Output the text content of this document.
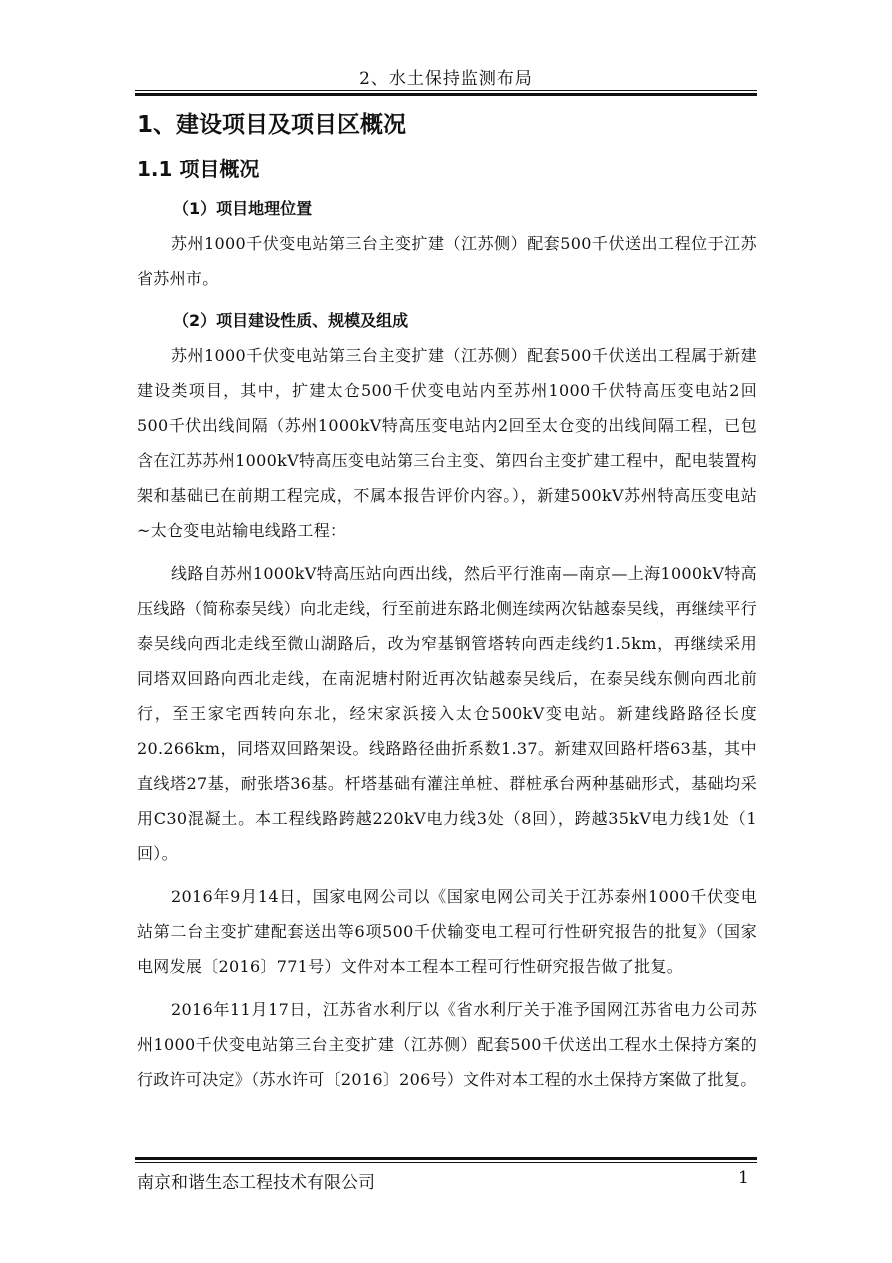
2、水土保持监测布局
1、建设项目及项目区概况
1.1 项目概况
（1）项目地理位置

苏州1000千伏变电站第三台主变扩建（江苏侧）配套500千伏送出工程位于江苏省苏州市。

（2）项目建设性质、规模及组成

苏州1000千伏变电站第三台主变扩建（江苏侧）配套500千伏送出工程属于新建建设类项目，其中，扩建太仓500千伏变电站内至苏州1000千伏特高压变电站2回500千伏出线间隔（苏州1000kV特高压变电站内2回至太仓变的出线间隔工程，已包含在江苏苏州1000kV特高压变电站第三台主变、第四台主变扩建工程中，配电装置构架和基础已在前期工程完成，不属本报告评价内容。），新建500kV苏州特高压变电站~太仓变电站输电线路工程：

线路自苏州1000kV特高压站向西出线，然后平行淮南—南京—上海1000kV特高压线路（简称泰吴线）向北走线，行至前进东路北侧连续两次钻越泰吴线，再继续平行泰吴线向西北走线至微山湖路后，改为窄基钢管塔转向西走线约1.5km，再继续采用同塔双回路向西北走线，在南泥塘村附近再次钻越泰吴线后，在泰吴线东侧向西北前行，至王家宅西转向东北，经宋家浜接入太仓500kV变电站。新建线路路径长度20.266km，同塔双回路架设。线路路径曲折系数1.37。新建双回路杆塔63基，其中直线塔27基，耐张塔36基。杆塔基础有灌注单桩、群桩承台两种基础形式，基础均采用C30混凝土。本工程线路跨越220kV电力线3处（8回），跨越35kV电力线1处（1回）。

2016年9月14日，国家电网公司以《国家电网公司关于江苏泰州1000千伏变电站第二台主变扩建配套送出等6项500千伏输变电工程可行性研究报告的批复》（国家电网发展〔2016〕771号）文件对本工程本工程可行性研究报告做了批复。

2016年11月17日，江苏省水利厅以《省水利厅关于准予国网江苏省电力公司苏州1000千伏变电站第三台主变扩建（江苏侧）配套500千伏送出工程水土保持方案的行政许可决定》（苏水许可〔2016〕206号）文件对本工程的水土保持方案做了批复。

南京和谐生态工程技术有限公司	1
